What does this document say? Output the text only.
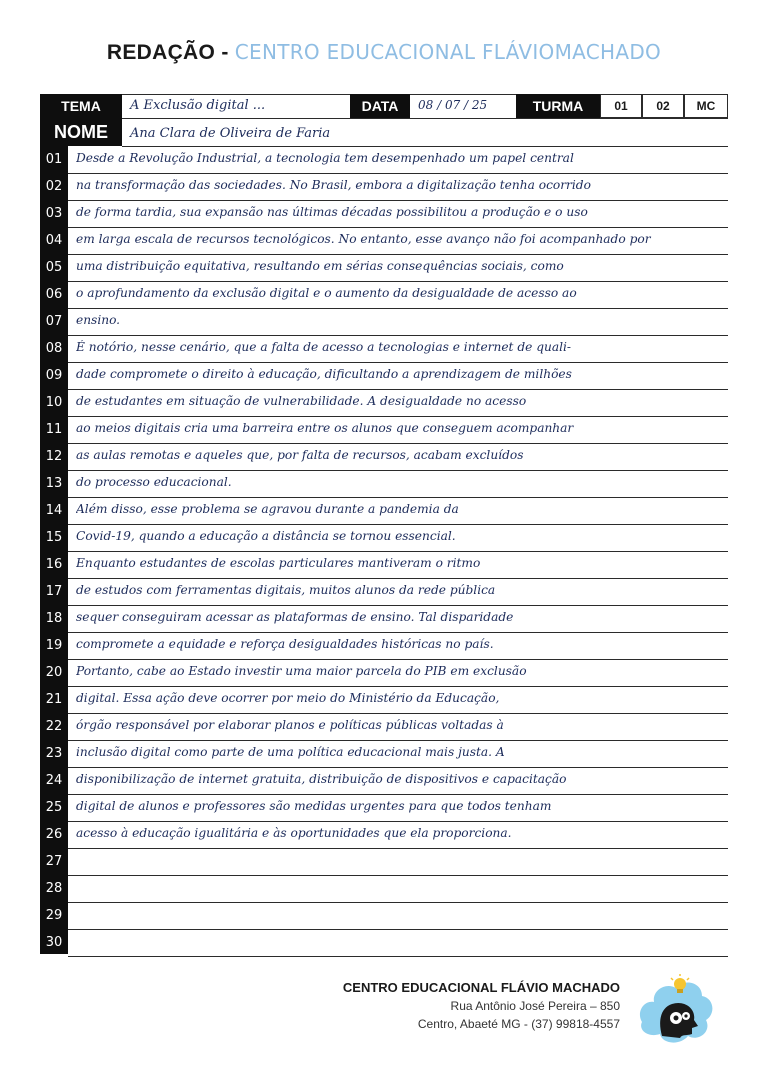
REDAÇÃO - CENTRO EDUCACIONAL FLÁVIOMACHADO
TEMA	A Exclusão digital ...	DATA	08 / 07 / 25	TURMA	01	02	MC
NOME	Ana Clara de Oliveira de Faria
01	Desde a Revolução Industrial, a tecnologia tem desempenhado um papel central
02	na transformação das sociedades. No Brasil, embora a digitalização tenha ocorrido
03	de forma tardia, sua expansão nas últimas décadas possibilitou a produção e o uso
04	em larga escala de recursos tecnológicos. No entanto, esse avanço não foi acompanhado por
05	uma distribuição equitativa, resultando em sérias consequências sociais, como
06	o aprofundamento da exclusão digital e o aumento da desigualdade de acesso ao
07	ensino.
08	É notório, nesse cenário, que a falta de acesso a tecnologias e internet de quali-
09	dade compromete o direito à educação, dificultando a aprendizagem de milhões
10	de estudantes em situação de vulnerabilidade. A desigualdade no acesso
11	ao meios digitais cria uma barreira entre os alunos que conseguem acompanhar
12	as aulas remotas e aqueles que, por falta de recursos, acabam excluídos
13	do processo educacional.
14	Além disso, esse problema se agravou durante a pandemia da
15	Covid-19, quando a educação a distância se tornou essencial.
16	Enquanto estudantes de escolas particulares mantiveram o ritmo
17	de estudos com ferramentas digitais, muitos alunos da rede pública
18	sequer conseguiram acessar as plataformas de ensino. Tal disparidade
19	compromete a equidade e reforça desigualdades históricas no país.
20	Portanto, cabe ao Estado investir uma maior parcela do PIB em exclusão
21	digital. Essa ação deve ocorrer por meio do Ministério da Educação,
22	órgão responsável por elaborar planos e políticas públicas voltadas à
23	inclusão digital como parte de uma política educacional mais justa. A
24	disponibilização de internet gratuita, distribuição de dispositivos e capacitação
25	digital de alunos e professores são medidas urgentes para que todos tenham
26	acesso à educação igualitária e às oportunidades que ela proporciona.
27
28
29
30
CENTRO EDUCACIONAL FLÁVIO MACHADO
Rua Antônio José Pereira – 850
Centro, Abaeté MG - (37) 99818-4557
